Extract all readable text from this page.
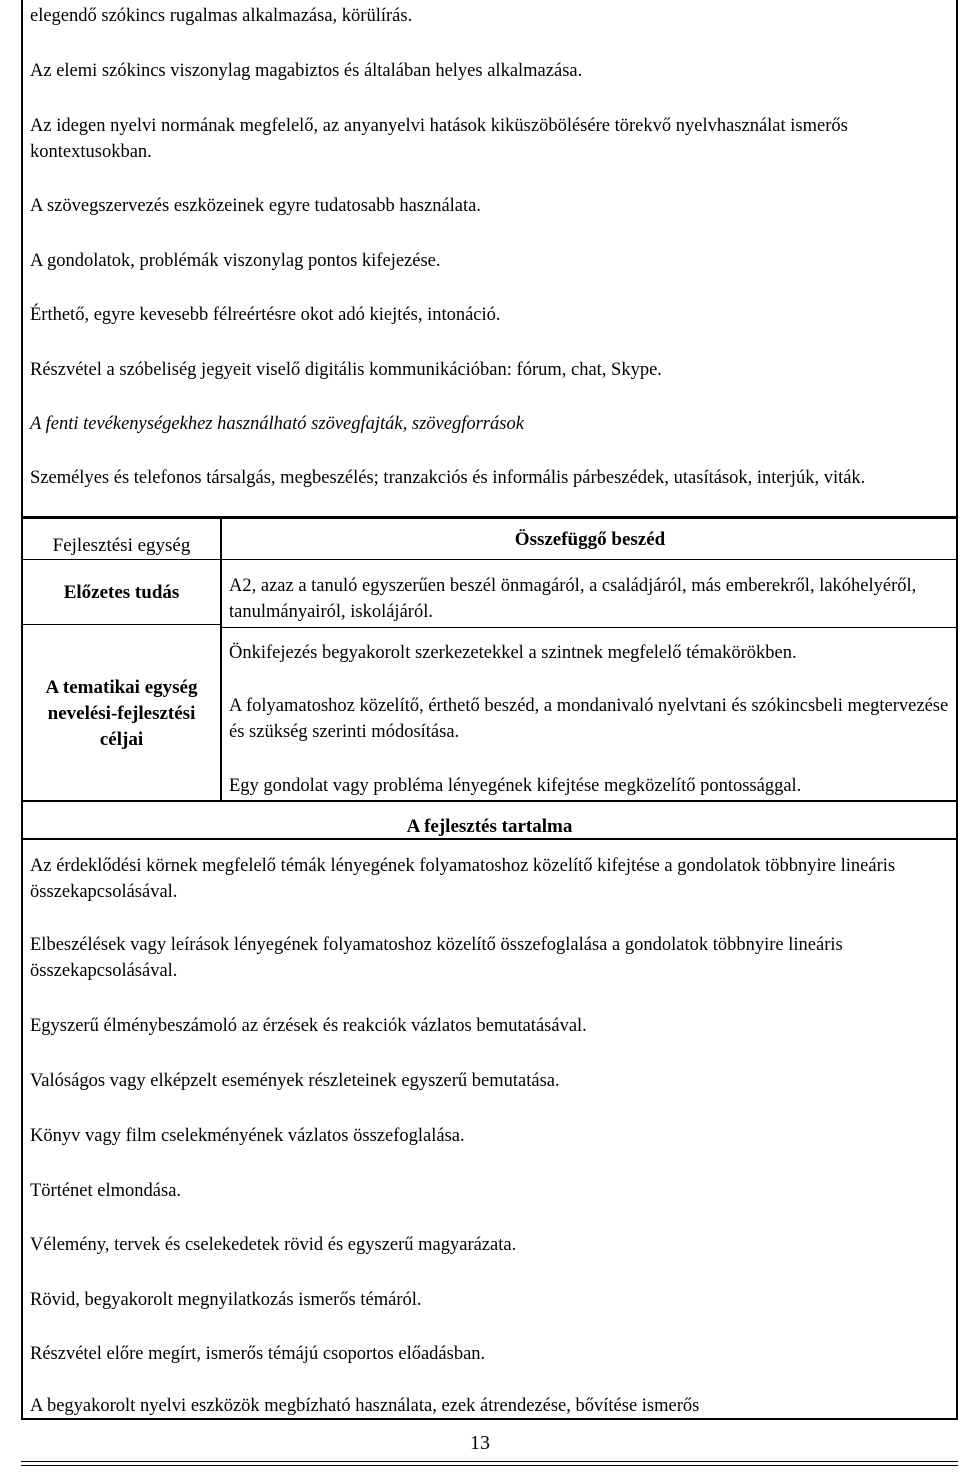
elegendő szókincs rugalmas alkalmazása, körülírás.

Az elemi szókincs viszonylag magabiztos és általában helyes alkalmazása.

Az idegen nyelvi normának megfelelő, az anyanyelvi hatások kiküszöbölésére törekvő nyelvhasználat ismerős kontextusokban.

A szövegszervezés eszközeinek egyre tudatosabb használata.

A gondolatok, problémák viszonylag pontos kifejezése.

Érthető, egyre kevesebb félreértésre okot adó kiejtés, intonáció.

Részvétel a szóbeliség jegyeit viselő digitális kommunikációban: fórum, chat, Skype.

A fenti tevékenységekhez használható szövegfajták, szövegforrások

Személyes és telefonos társalgás, megbeszélés; tranzakciós és informális párbeszédek, utasítások, interjúk, viták.

Fejlesztési egység
Előzetes tudás
A tematikai egység nevelési-fejlesztési céljai
Összefüggő beszéd
A2, azaz a tanuló egyszerűen beszél önmagáról, a családjáról, más emberekről, lakóhelyéről, tanulmányairól, iskolájáról.
Önkifejezés begyakorolt szerkezetekkel a szintnek megfelelő témakörökben.
A folyamatoshoz közelítő, érthető beszéd, a mondanivaló nyelvtani és szókincsbeli megtervezése és szükség szerinti módosítása.
Egy gondolat vagy probléma lényegének kifejtése megközelítő pontossággal.
A fejlesztés tartalma

Az érdeklődési körnek megfelelő témák lényegének folyamatoshoz közelítő kifejtése a gondolatok többnyire lineáris összekapcsolásával.

Elbeszélések vagy leírások lényegének folyamatoshoz közelítő összefoglalása a gondolatok többnyire lineáris összekapcsolásával.

Egyszerű élménybeszámoló az érzések és reakciók vázlatos bemutatásával.

Valóságos vagy elképzelt események részleteinek egyszerű bemutatása.

Könyv vagy film cselekményének vázlatos összefoglalása.

Történet elmondása.

Vélemény, tervek és cselekedetek rövid és egyszerű magyarázata.

Rövid, begyakorolt megnyilatkozás ismerős témáról.

Részvétel előre megírt, ismerős témájú csoportos előadásban.

A begyakorolt nyelvi eszközök megbízható használata, ezek átrendezése, bővítése ismerős

13
